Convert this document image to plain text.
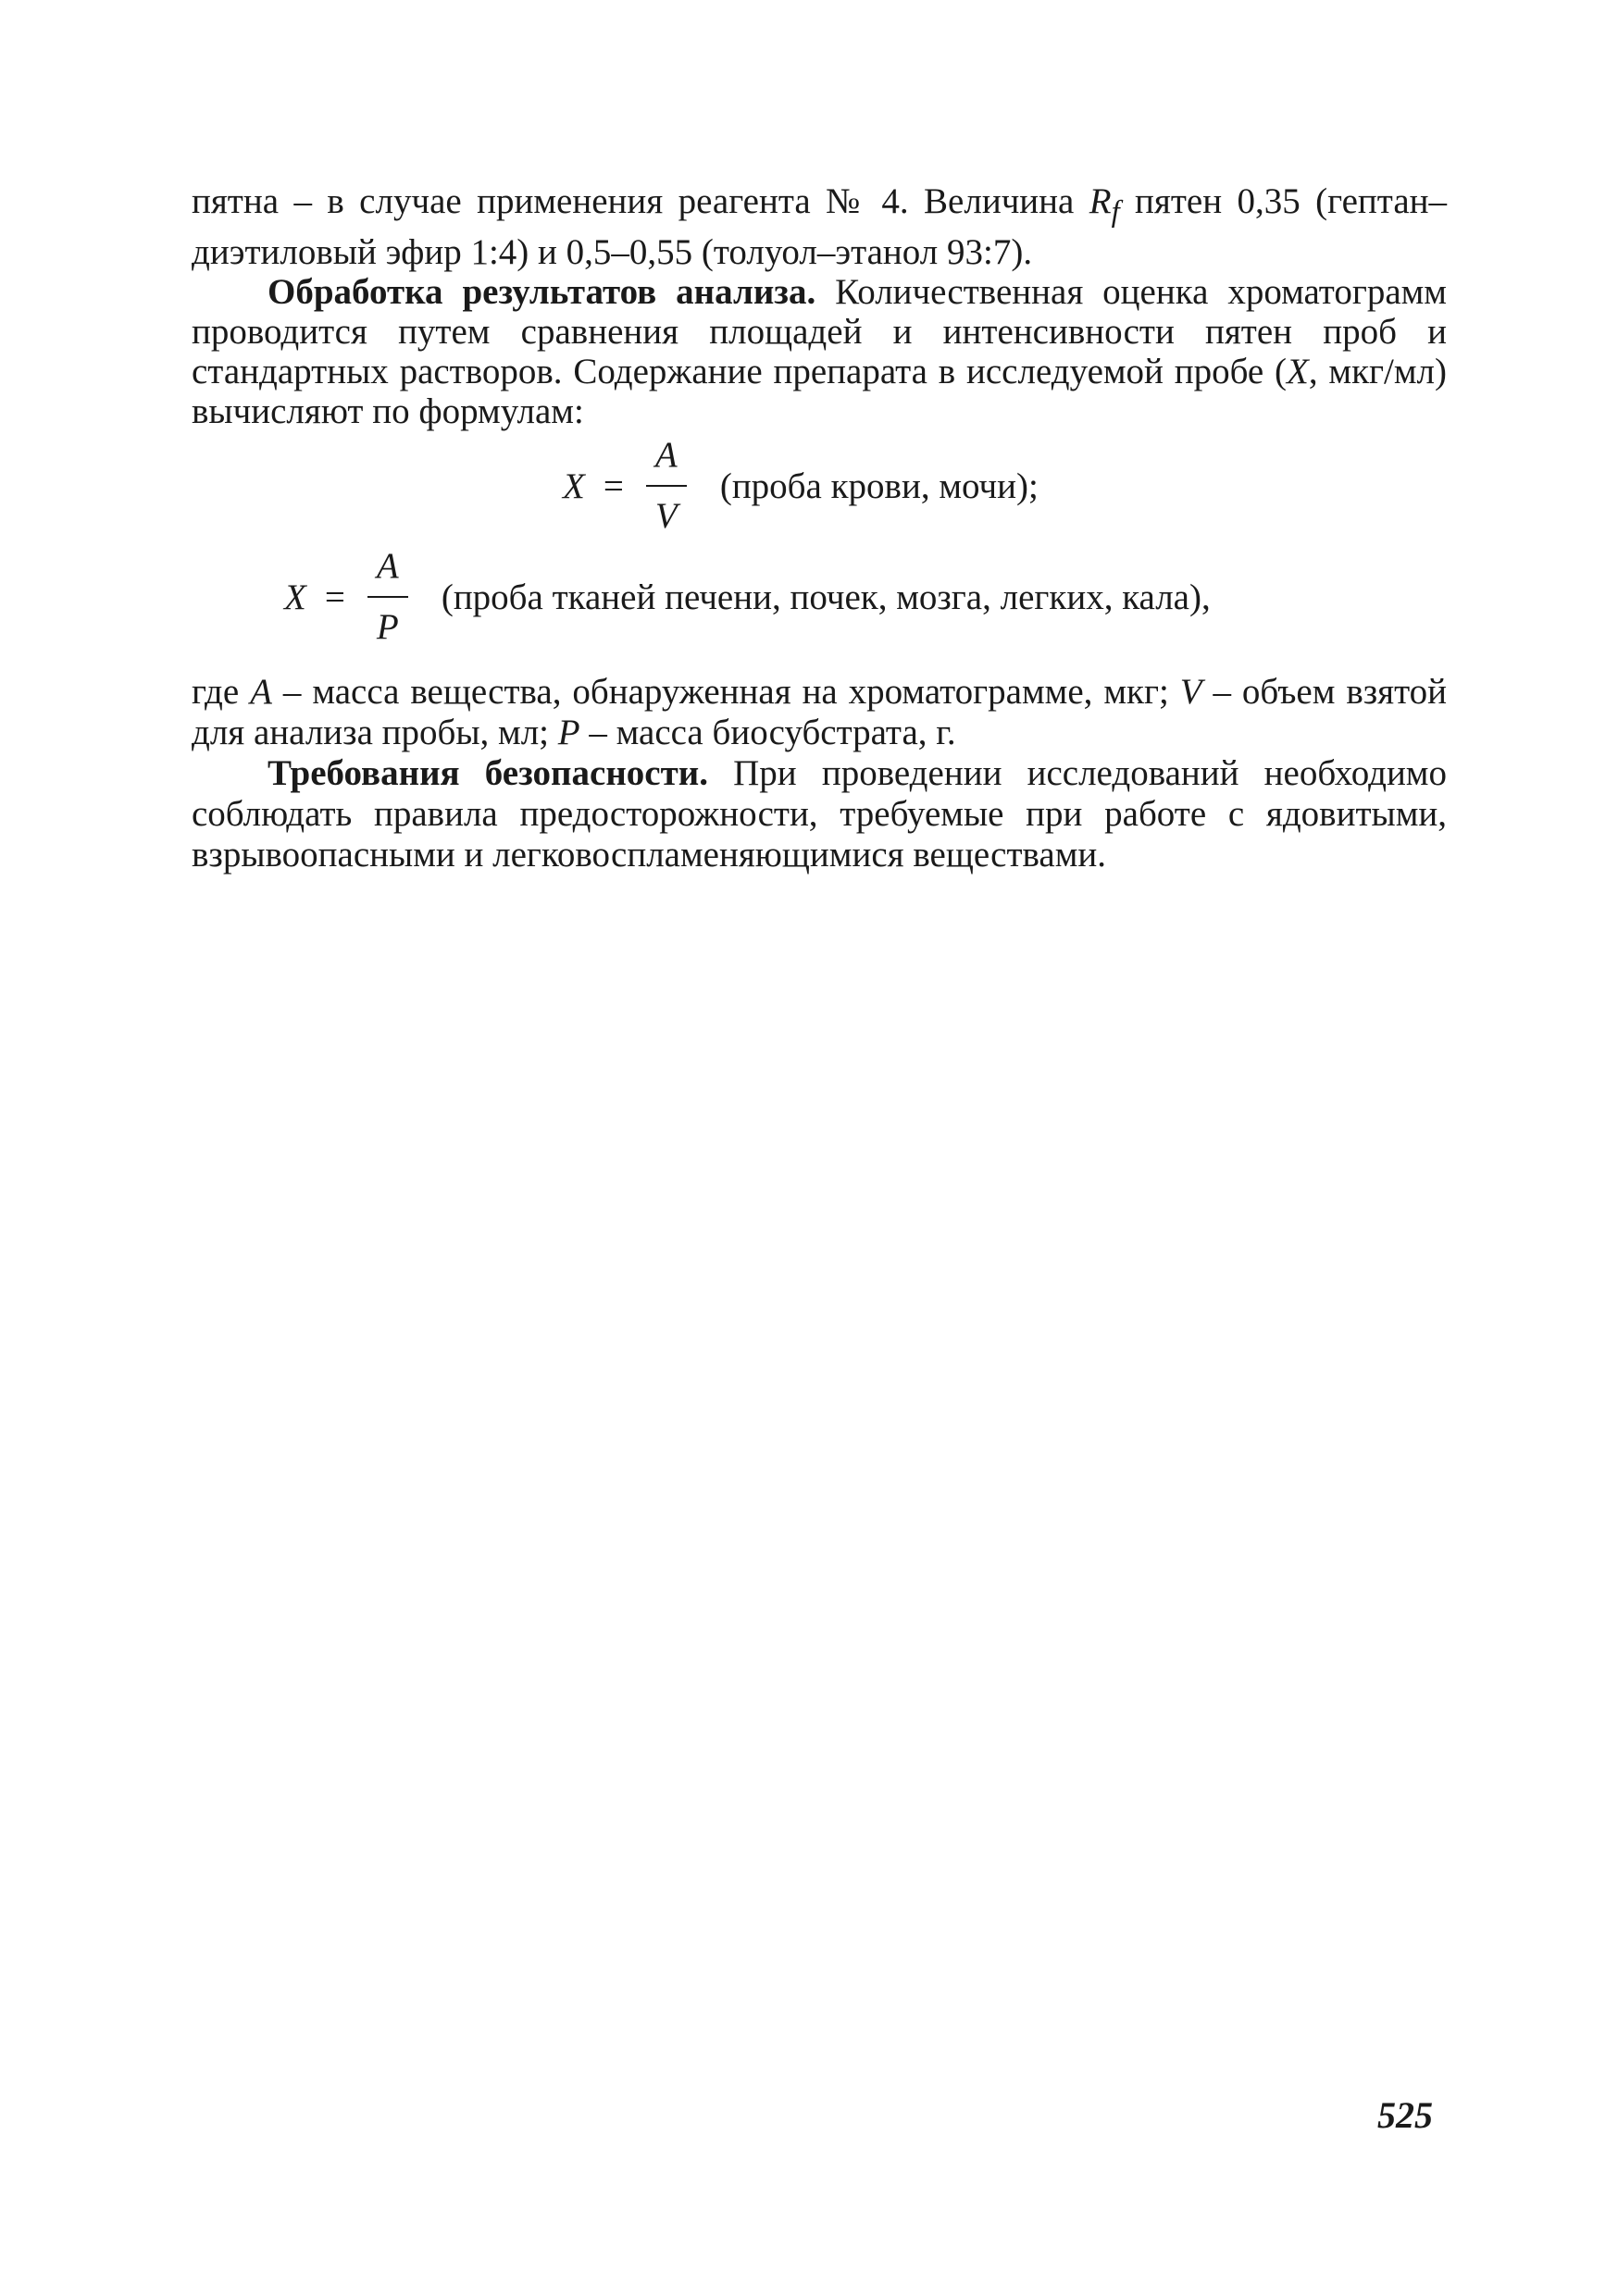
пятна – в случае применения реагента № 4. Величина $R_f$ пятен 0,35 (гептан–диэтиловый эфир 1:4) и 0,5–0,55 (толуол–этанол 93:7).

Обработка результатов анализа. Количественная оценка хроматограмм проводится путем сравнения площадей и интенсивности пятен проб и стандартных растворов. Содержание препарата в исследуемой пробе (X, мкг/мл) вычисляют по формулам:

$X = \frac{A}{V}$ (проба крови, мочи);
$X = \frac{A}{P}$ (проба тканей печени, почек, мозга, легких, кала),

где A – масса вещества, обнаруженная на хроматограмме, мкг; V – объем взятой для анализа пробы, мл; P – масса биосубстрата, г.

Требования безопасности. При проведении исследований необходимо соблюдать правила предосторожности, требуемые при работе с ядовитыми, взрывоопасными и легковоспламеняющимися веществами.

525
